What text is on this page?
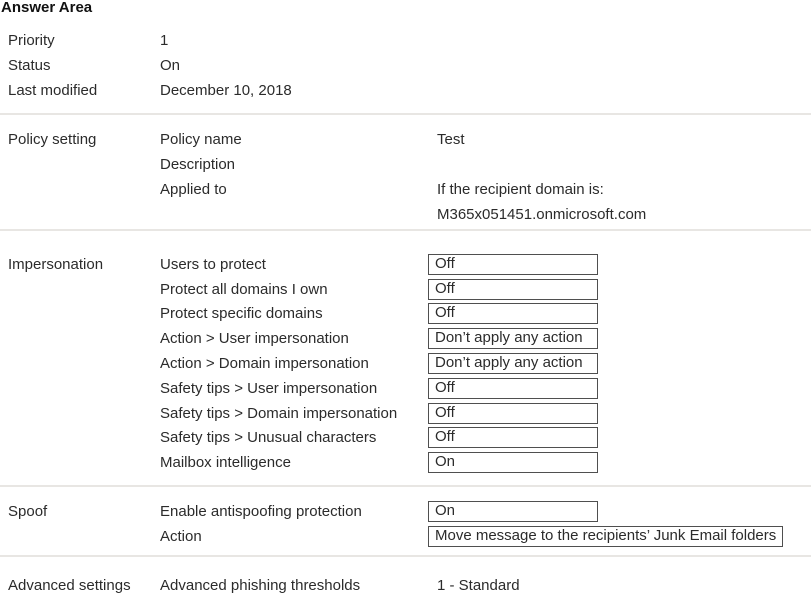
Answer Area
Priority	1
Status	On
Last modified	December 10, 2018
Policy setting	Policy name	Test
Description
Applied to	If the recipient domain is:
M365x051451.onmicrosoft.com
Impersonation	Users to protect	Off
Protect all domains I own	Off
Protect specific domains	Off
Action > User impersonation	Don’t apply any action
Action > Domain impersonation	Don’t apply any action
Safety tips > User impersonation	Off
Safety tips > Domain impersonation	Off
Safety tips > Unusual characters	Off
Mailbox intelligence	On
Spoof	Enable antispoofing protection	On
Action	Move message to the recipients’ Junk Email folders
Advanced settings	Advanced phishing thresholds	1 - Standard
